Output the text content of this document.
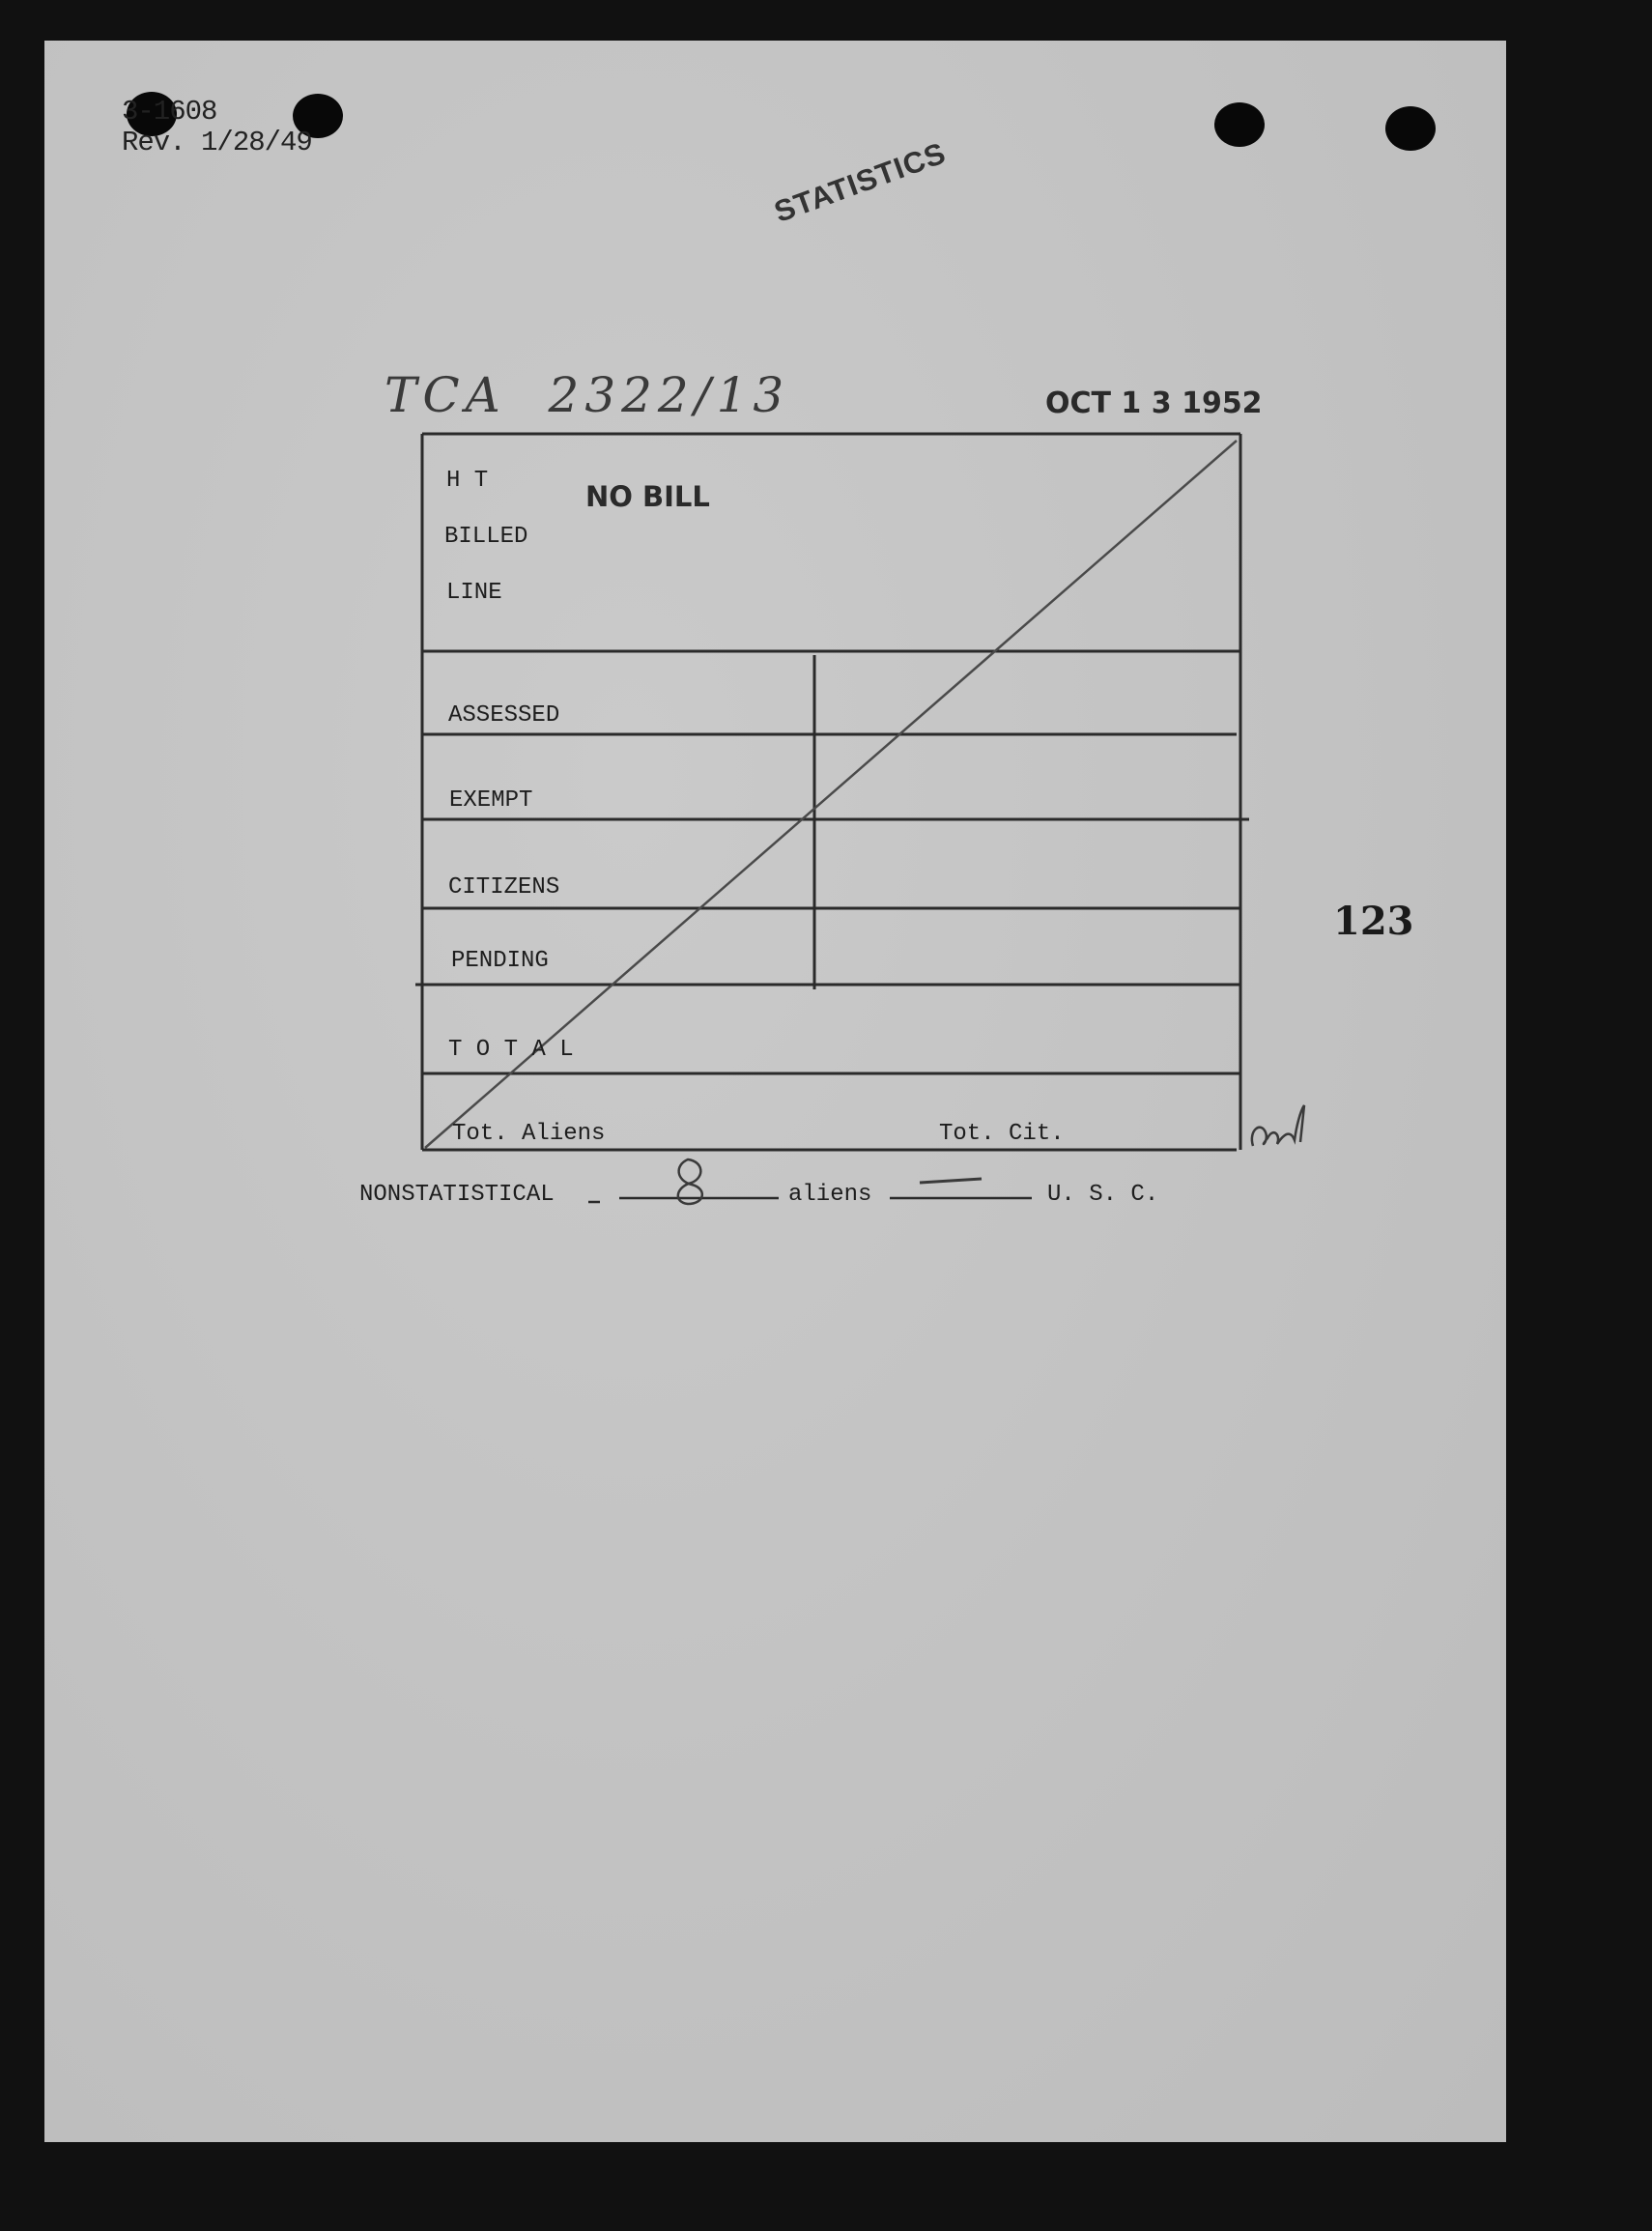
3-1608
Rev. 1/28/49	STATISTICS
TCA  2322/13	OCT 1 3 1952
123
H T
BILLED
LINE
NO BILL
ASSESSED
EXEMPT
CITIZENS
PENDING
T O T A L
Tot. Aliens	Tot. Cit.
NONSTATISTICAL	aliens	U. S. C.
